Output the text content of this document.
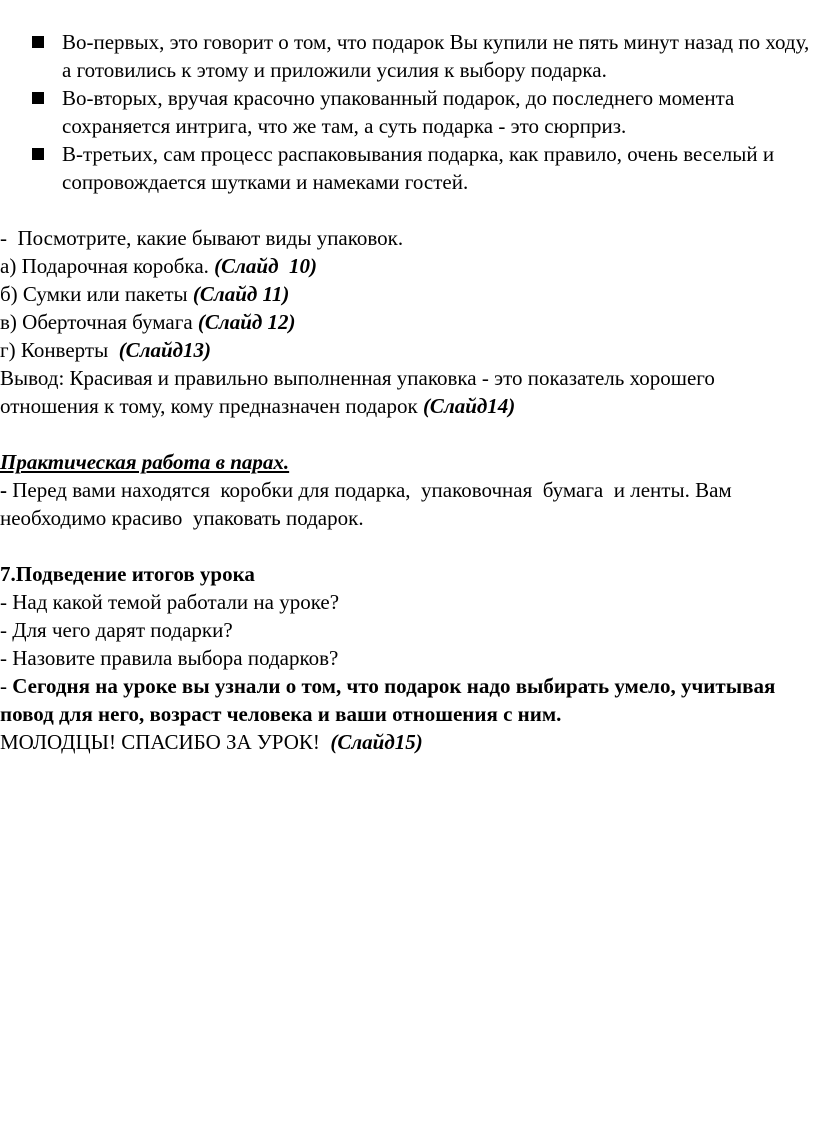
Во-первых, это говорит о том, что подарок Вы купили не пять минут назад по ходу, а готовились к этому и приложили усилия к выбору подарка.
Во-вторых, вручая красочно упакованный подарок, до последнего момента сохраняется интрига, что же там, а суть подарка - это сюрприз.
В-третьих, сам процесс распаковывания подарка, как правило, очень веселый и сопровождается шутками и намеками гостей.

-  Посмотрите, какие бывают виды упаковок.

а) Подарочная коробка. (Слайд  10)

б) Сумки или пакеты (Слайд 11)

в) Оберточная бумага (Слайд 12)

г) Конверты  (Слайд13)

Вывод: Красивая и правильно выполненная упаковка - это показатель хорошего отношения к тому, кому предназначен подарок (Слайд14)

Практическая работа в парах.

- Перед вами находятся  коробки для подарка,  упаковочная  бумага  и ленты. Вам необходимо красиво  упаковать подарок.

7.Подведение итогов урока

- Над какой темой работали на уроке?

- Для чего дарят подарки?

- Назовите правила выбора подарков?

- Сегодня на уроке вы узнали о том, что подарок надо выбирать умело, учитывая повод для него, возраст человека и ваши отношения с ним.

МОЛОДЦЫ! СПАСИБО ЗА УРОК!  (Слайд15)
